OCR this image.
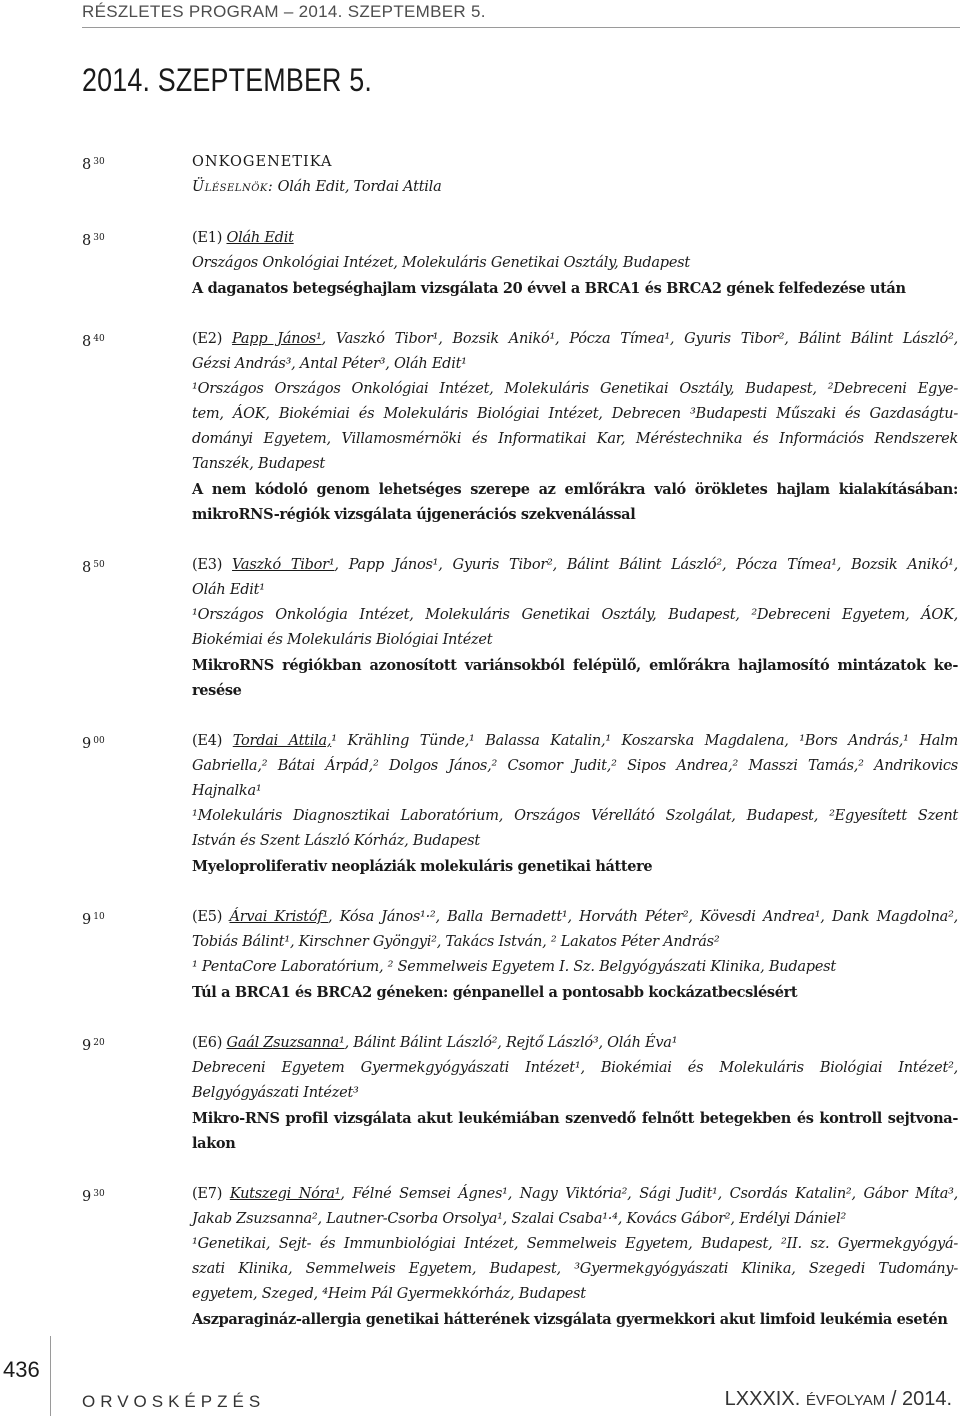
RÉSZLETES PROGRAM – 2014. SZEPTEMBER 5.
2014. SZEPTEMBER 5.
8 $^{30}$	ONKOGENETIKA
Üléselnök: Oláh Edit, Tordai Attila
8 $^{30}$	(E1) Oláh Edit
Országos Onkológiai Intézet, Molekuláris Genetikai Osztály, Budapest
A daganatos betegséghajlam vizsgálata 20 évvel a BRCA1 és BRCA2 gének felfedezése után
8 $^{40}$	(E2) Papp János¹, Vaszkó Tibor¹, Bozsik Anikó¹, Pócza Tímea¹, Gyuris Tibor², Bálint Bálint László²,
Gézsi András³, Antal Péter³, Oláh Edit¹
¹Országos Országos Onkológiai Intézet, Molekuláris Genetikai Osztály, Budapest, ²Debreceni Egye-
tem, ÁOK, Biokémiai és Molekuláris Biológiai Intézet, Debrecen ³Budapesti Műszaki és Gazdaságtu-
dományi Egyetem, Villamosmérnöki és Informatikai Kar, Méréstechnika és Információs Rendszerek
Tanszék, Budapest
A nem kódoló genom lehetséges szerepe az emlőrákra való örökletes hajlam kialakításában:
mikroRNS-régiók vizsgálata újgenerációs szekvenálással
8 $^{50}$	(E3) Vaszkó Tibor¹, Papp János¹, Gyuris Tibor², Bálint Bálint László², Pócza Tímea¹, Bozsik Anikó¹,
Oláh Edit¹
¹Országos Onkológia Intézet, Molekuláris Genetikai Osztály, Budapest, ²Debreceni Egyetem, ÁOK,
Biokémiai és Molekuláris Biológiai Intézet
MikroRNS régiókban azonosított variánsokból felépülő, emlőrákra hajlamosító mintázatok ke-
resése
9 $^{00}$	(E4) Tordai Attila,¹ Krähling Tünde,¹ Balassa Katalin,¹ Koszarska Magdalena, ¹Bors András,¹ Halm
Gabriella,² Bátai Árpád,² Dolgos János,² Csomor Judit,² Sipos Andrea,² Masszi Tamás,² Andrikovics
Hajnalka¹
¹Molekuláris Diagnosztikai Laboratórium, Országos Vérellátó Szolgálat, Budapest, ²Egyesített Szent
István és Szent László Kórház, Budapest
Myeloproliferativ neopláziák molekuláris genetikai háttere
9 $^{10}$	(E5) Árvai Kristóf¹, Kósa János¹·², Balla Bernadett¹, Horváth Péter², Kövesdi Andrea¹, Dank Magdolna²,
Tobiás Bálint¹, Kirschner Gyöngyi², Takács István, ² Lakatos Péter András²
¹ PentaCore Laboratórium, ² Semmelweis Egyetem I. Sz. Belgyógyászati Klinika, Budapest
Túl a BRCA1 és BRCA2 géneken: génpanellel a pontosabb kockázatbecslésért
9 $^{20}$	(E6) Gaál Zsuzsanna¹, Bálint Bálint László², Rejtő László³, Oláh Éva¹
Debreceni Egyetem Gyermekgyógyászati Intézet¹, Biokémiai és Molekuláris Biológiai Intézet²,
Belgyógyászati Intézet³
Mikro-RNS profil vizsgálata akut leukémiában szenvedő felnőtt betegekben és kontroll sejtvona-
lakon
9 $^{30}$	(E7) Kutszegi Nóra¹, Félné Semsei Ágnes¹, Nagy Viktória², Sági Judit¹, Csordás Katalin², Gábor Míta³,
Jakab Zsuzsanna², Lautner-Csorba Orsolya¹, Szalai Csaba¹·⁴, Kovács Gábor², Erdélyi Dániel²
¹Genetikai, Sejt- és Immunbiológiai Intézet, Semmelweis Egyetem, Budapest, ²II. sz. Gyermekgyógyá-
szati Klinika, Semmelweis Egyetem, Budapest, ³Gyermekgyógyászati Klinika, Szegedi Tudomány-
egyetem, Szeged, ⁴Heim Pál Gyermekkórház, Budapest
Aszparagináz-allergia genetikai hátterének vizsgálata gyermekkori akut limfoid leukémia esetén
436
ORVOSKÉPZÉS	LXXXIX. ÉVFOLYAM / 2014.
